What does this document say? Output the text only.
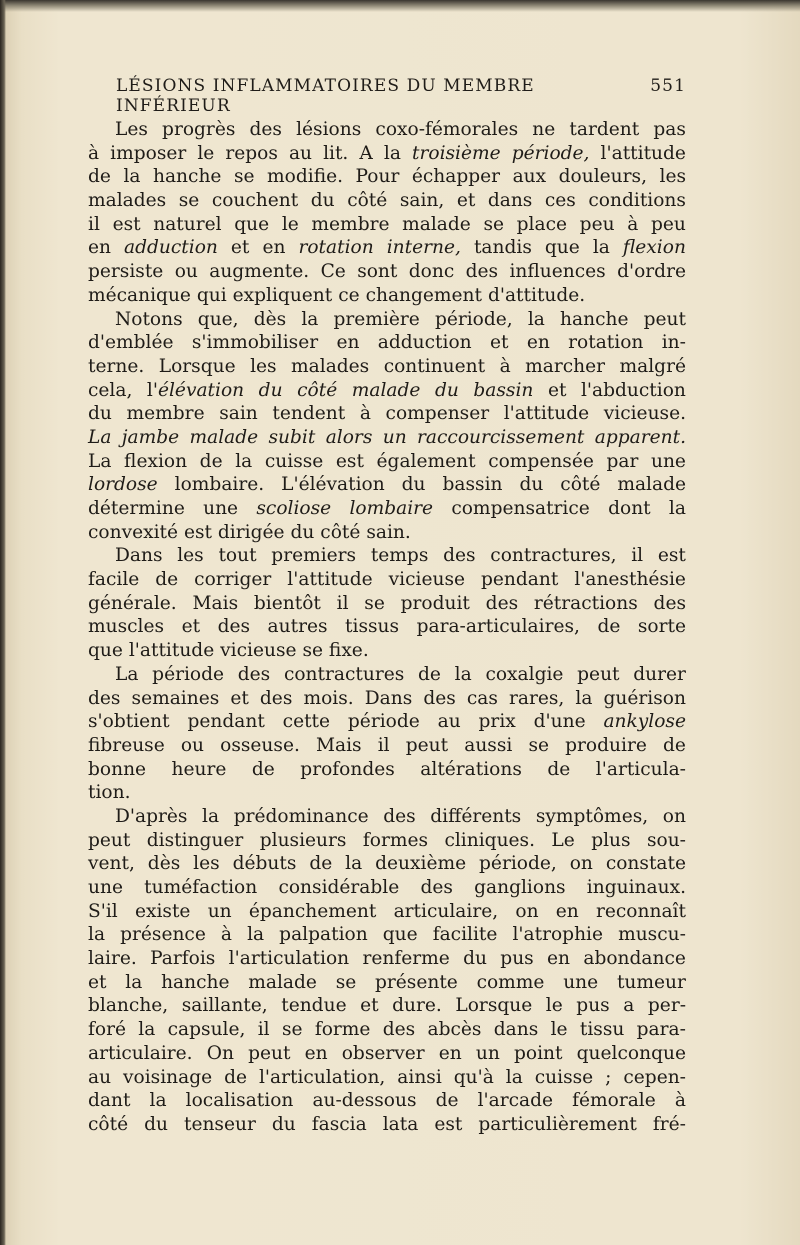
LÉSIONS INFLAMMATOIRES DU MEMBRE INFÉRIEUR
551
Les progrès des lésions coxo-fémorales ne tardent pas
à imposer le repos au lit. A la troisième période, l'attitude
de la hanche se modifie. Pour échapper aux douleurs, les
malades se couchent du côté sain, et dans ces conditions
il est naturel que le membre malade se place peu à peu
en adduction et en rotation interne, tandis que la flexion
persiste ou augmente. Ce sont donc des influences d'ordre
mécanique qui expliquent ce changement d'attitude.
Notons que, dès la première période, la hanche peut
d'emblée s'immobiliser en adduction et en rotation in-
terne. Lorsque les malades continuent à marcher malgré
cela, l'élévation du côté malade du bassin et l'abduction
du membre sain tendent à compenser l'attitude vicieuse.
La jambe malade subit alors un raccourcissement apparent.
La flexion de la cuisse est également compensée par une
lordose lombaire. L'élévation du bassin du côté malade
détermine une scoliose lombaire compensatrice dont la
convexité est dirigée du côté sain.
Dans les tout premiers temps des contractures, il est
facile de corriger l'attitude vicieuse pendant l'anesthésie
générale. Mais bientôt il se produit des rétractions des
muscles et des autres tissus para-articulaires, de sorte
que l'attitude vicieuse se fixe.
La période des contractures de la coxalgie peut durer
des semaines et des mois. Dans des cas rares, la guérison
s'obtient pendant cette période au prix d'une ankylose
fibreuse ou osseuse. Mais il peut aussi se produire de
bonne heure de profondes altérations de l'articula-
tion.
D'après la prédominance des différents symptômes, on
peut distinguer plusieurs formes cliniques. Le plus sou-
vent, dès les débuts de la deuxième période, on constate
une tuméfaction considérable des ganglions inguinaux.
S'il existe un épanchement articulaire, on en reconnaît
la présence à la palpation que facilite l'atrophie muscu-
laire. Parfois l'articulation renferme du pus en abondance
et la hanche malade se présente comme une tumeur
blanche, saillante, tendue et dure. Lorsque le pus a per-
foré la capsule, il se forme des abcès dans le tissu para-
articulaire. On peut en observer en un point quelconque
au voisinage de l'articulation, ainsi qu'à la cuisse ; cepen-
dant la localisation au-dessous de l'arcade fémorale à
côté du tenseur du fascia lata est particulièrement fré-
